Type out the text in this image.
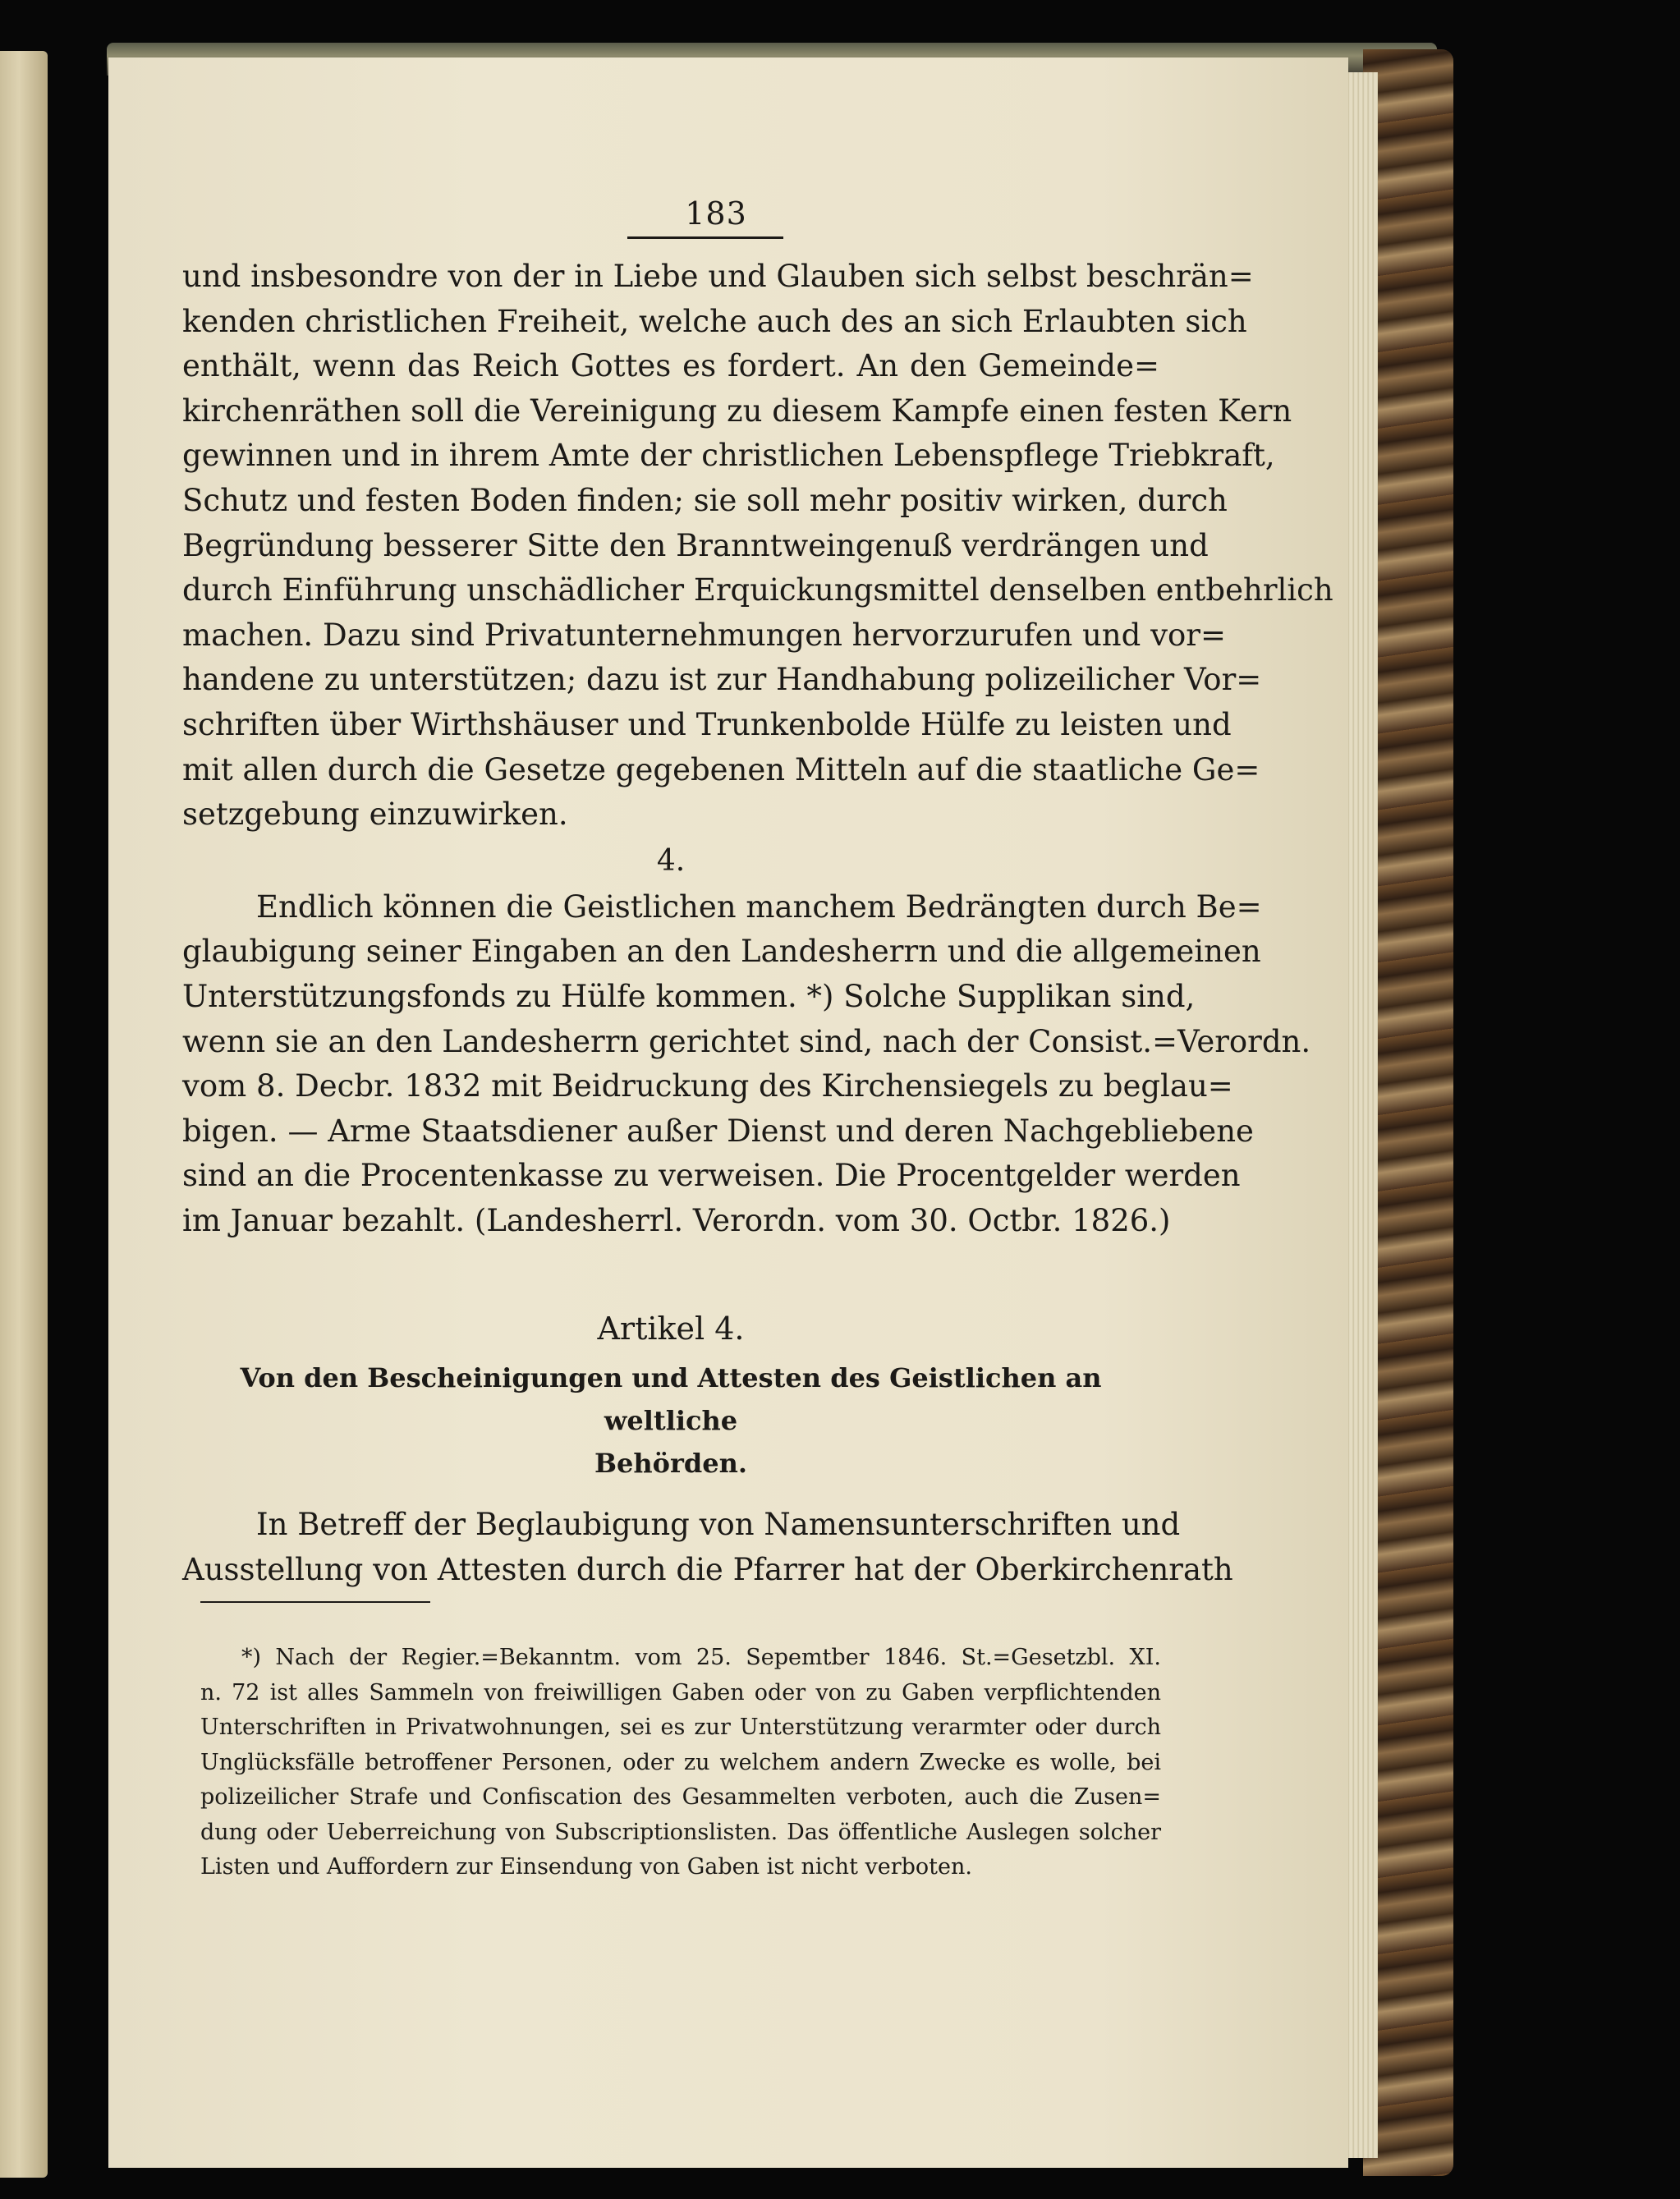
183
und insbesondre von der in Liebe und Glauben sich selbst beschrän=
kenden christlichen Freiheit, welche auch des an sich Erlaubten sich
enthält, wenn das Reich Gottes es fordert. An den Gemeinde=
kirchenräthen soll die Vereinigung zu diesem Kampfe einen festen Kern
gewinnen und in ihrem Amte der christlichen Lebenspflege Triebkraft,
Schutz und festen Boden finden; sie soll mehr positiv wirken, durch
Begründung besserer Sitte den Branntweingenuß verdrängen und
durch Einführung unschädlicher Erquickungsmittel denselben entbehrlich
machen. Dazu sind Privatunternehmungen hervorzurufen und vor=
handene zu unterstützen; dazu ist zur Handhabung polizeilicher Vor=
schriften über Wirthshäuser und Trunkenbolde Hülfe zu leisten und
mit allen durch die Gesetze gegebenen Mitteln auf die staatliche Ge=
setzgebung einzuwirken.
4.
Endlich können die Geistlichen manchem Bedrängten durch Be=
glaubigung seiner Eingaben an den Landesherrn und die allgemeinen
Unterstützungsfonds zu Hülfe kommen. *) Solche Supplikan sind,
wenn sie an den Landesherrn gerichtet sind, nach der Consist.=Verordn.
vom 8. Decbr. 1832 mit Beidruckung des Kirchensiegels zu beglau=
bigen. — Arme Staatsdiener außer Dienst und deren Nachgebliebene
sind an die Procentenkasse zu verweisen. Die Procentgelder werden
im Januar bezahlt. (Landesherrl. Verordn. vom 30. Octbr. 1826.)
Artikel 4.
Von den Bescheinigungen und Attesten des Geistlichen an weltliche
Behörden.
In Betreff der Beglaubigung von Namensunterschriften und
Ausstellung von Attesten durch die Pfarrer hat der Oberkirchenrath
*) Nach der Regier.=Bekanntm. vom 25. Sepemtber 1846. St.=Gesetzbl. XI.
n. 72 ist alles Sammeln von freiwilligen Gaben oder von zu Gaben verpflichtenden
Unterschriften in Privatwohnungen, sei es zur Unterstützung verarmter oder durch
Unglücksfälle betroffener Personen, oder zu welchem andern Zwecke es wolle, bei
polizeilicher Strafe und Confiscation des Gesammelten verboten, auch die Zusen=
dung oder Ueberreichung von Subscriptionslisten. Das öffentliche Auslegen solcher
Listen und Auffordern zur Einsendung von Gaben ist nicht verboten.
